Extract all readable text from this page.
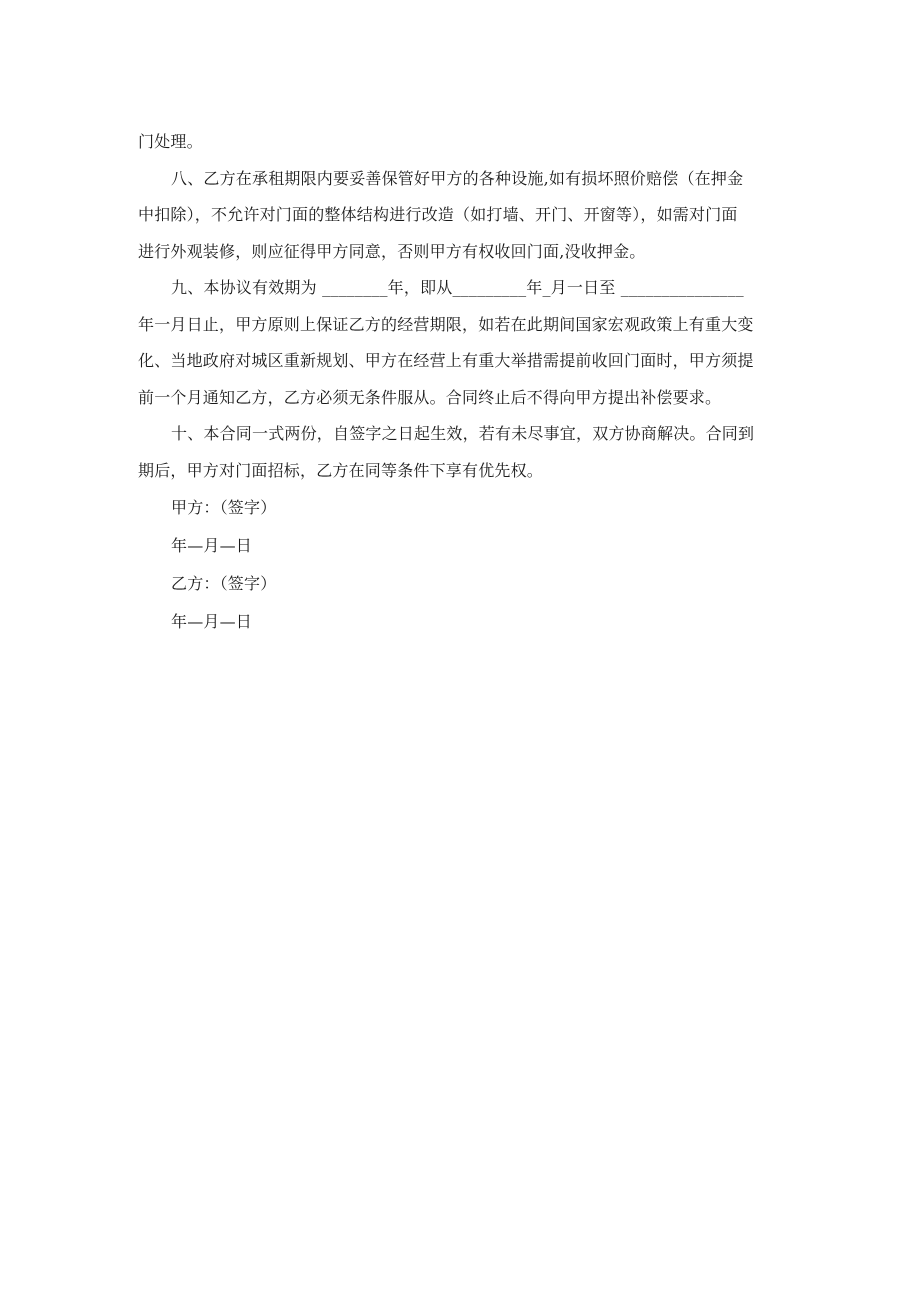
门处理。
八、乙方在承租期限内要妥善保管好甲方的各种设施,如有损坏照价赔偿（在押金
中扣除），不允许对门面的整体结构进行改造（如打墙、开门、开窗等），如需对门面
进行外观装修，则应征得甲方同意，否则甲方有权收回门面,没收押金。
九、本协议有效期为 ________年，即从_________年_月一日至 _______________
年一月日止，甲方原则上保证乙方的经营期限，如若在此期间国家宏观政策上有重大变
化、当地政府对城区重新规划、甲方在经营上有重大举措需提前收回门面时，甲方须提
前一个月通知乙方，乙方必须无条件服从。合同终止后不得向甲方提出补偿要求。
十、本合同一式两份，自签字之日起生效，若有未尽事宜，双方协商解决。合同到
期后，甲方对门面招标，乙方在同等条件下享有优先权。
甲方：（签字）
年—月—日
乙方：（签字）
年—月—日
